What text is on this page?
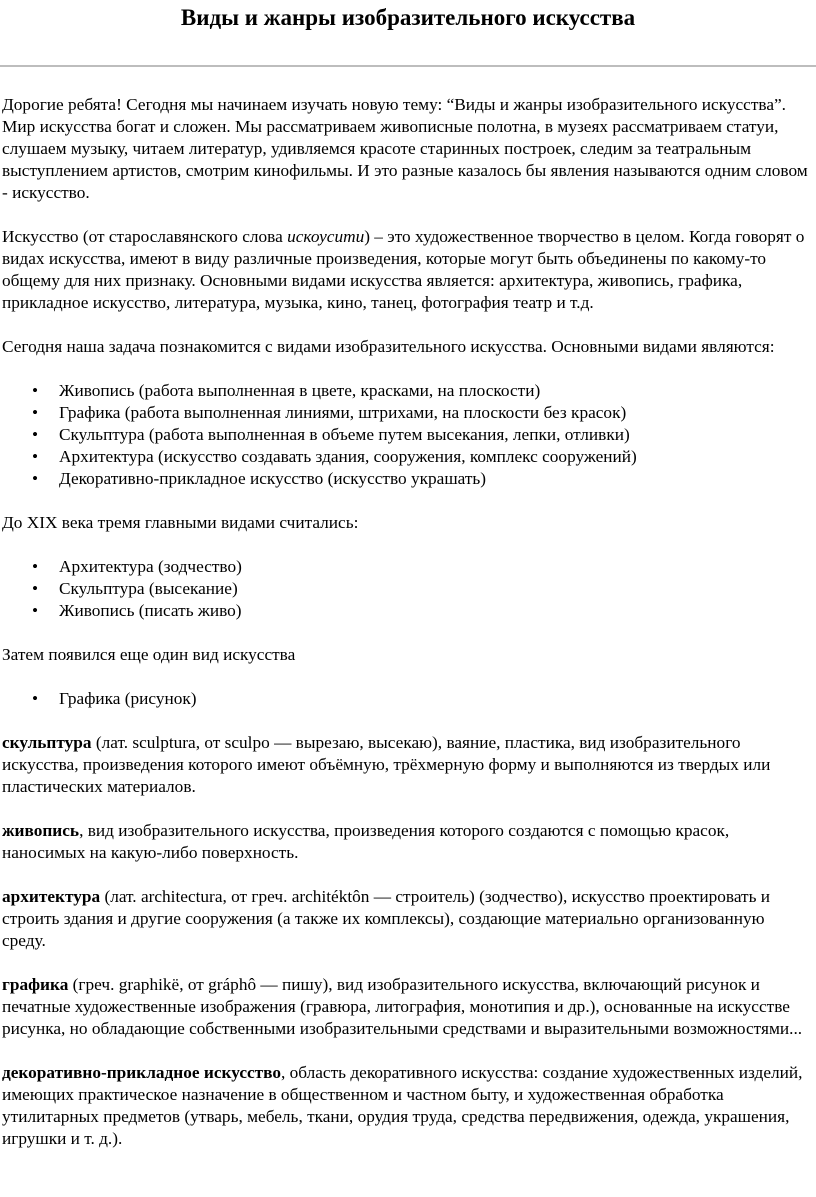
Виды и жанры изобразительного искусства

Дорогие ребята! Сегодня мы начинаем изучать новую тему: “Виды и жанры изобразительного искусства”. Мир искусства богат и сложен. Мы рассматриваем живописные полотна, в музеях рассматриваем статуи, слушаем музыку, читаем литератур, удивляемся красоте старинных построек, следим за театральным выступлением артистов, смотрим кинофильмы. И это разные казалось бы явления называются одним словом - искусство.

Искусство (от старославянского слова искоусити) – это художественное творчество в целом. Когда говорят о видах искусства, имеют в виду различные произведения, которые могут быть объединены по какому-то общему для них признаку. Основными видами искусства является: архитектура, живопись, графика, прикладное искусство, литература, музыка, кино, танец, фотография театр и т.д.

Сегодня наша задача познакомится с видами изобразительного искусства. Основными видами являются:

• Живопись (работа выполненная в цвете, красками, на плоскости)
• Графика (работа выполненная линиями, штрихами, на плоскости без красок)
• Скульптура (работа выполненная в объеме путем высекания, лепки, отливки)
• Архитектура (искусство создавать здания, сооружения, комплекс сооружений)
• Декоративно-прикладное искусство (искусство украшать)

До XIX века тремя главными видами считались:

• Архитектура (зодчество)
• Скульптура (высекание)
• Живопись (писать живо)

Затем появился еще один вид искусства

• Графика (рисунок)

скульптура (лат. sculptura, от sculpo — вырезаю, высекаю), ваяние, пластика, вид изобразительного искусства, произведения которого имеют объёмную, трёхмерную форму и выполняются из твердых или пластических материалов.

живопись, вид изобразительного искусства, произведения которого создаются с помощью красок, наносимых на какую-либо поверхность.

архитектура (лат. architectura, от греч. architéktôn — строитель) (зодчество), искусство проектировать и строить здания и другие сооружения (а также их комплексы), создающие материально организованную среду.

графика (греч. graphikë, от gráphô — пишу), вид изобразительного искусства, включающий рисунок и печатные художественные изображения (гравюра, литография, монотипия и др.), основанные на искусстве рисунка, но обладающие собственными изобразительными средствами и выразительными возможностями...

декоративно-прикладное искусство, область декоративного искусства: создание художественных изделий, имеющих практическое назначение в общественном и частном быту, и художественная обработка утилитарных предметов (утварь, мебель, ткани, орудия труда, средства передвижения, одежда, украшения, игрушки и т. д.).
